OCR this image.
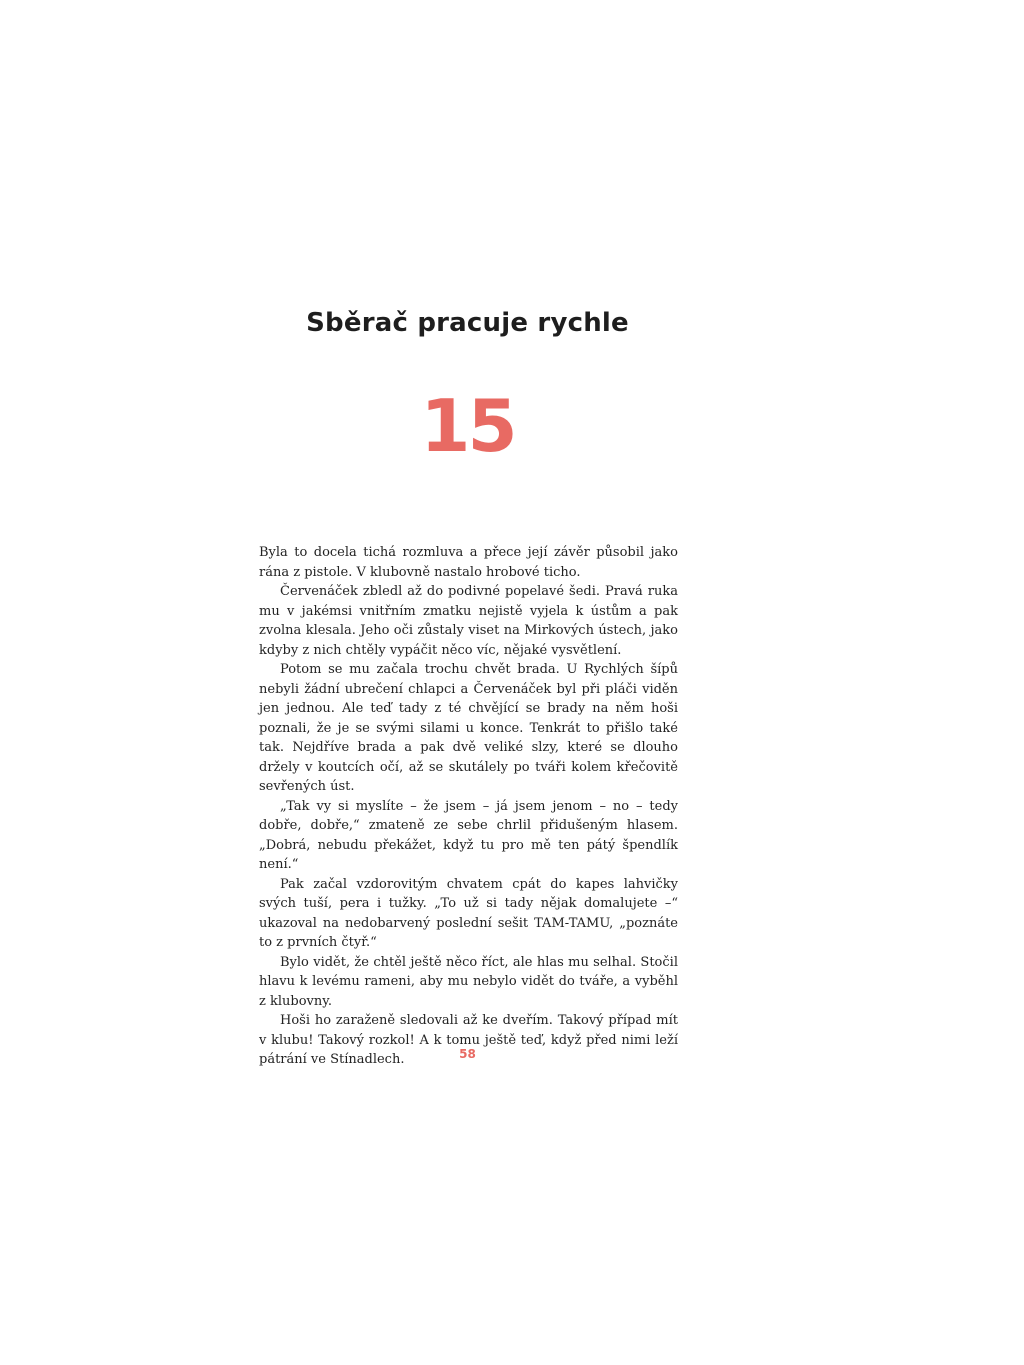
Sběrač pracuje rychle
15

Byla to docela tichá rozmluva a přece její závěr působil jako rána z pistole. V klubovně nastalo hrobové ticho.

Červenáček zbledl až do podivné popelavé šedi. Pravá ruka mu v jakémsi vnitřním zmatku nejistě vyjela k ústům a pak zvolna klesala. Jeho oči zůstaly viset na Mirkových ústech, jako kdyby z nich chtěly vypáčit něco víc, nějaké vysvětlení.

Potom se mu začala trochu chvět brada. U Rychlých šípů nebyli žádní ubrečení chlapci a Červenáček byl při pláči viděn jen jednou. Ale teď tady z té chvějící se brady na něm hoši poznali, že je se svými silami u konce. Tenkrát to přišlo také tak. Nejdříve brada a pak dvě veliké slzy, které se dlouho držely v koutcích očí, až se skutálely po tváři kolem křečovitě sevřených úst.

„Tak vy si myslíte – že jsem – já jsem jenom – no – tedy dobře, dobře,“ zmateně ze sebe chrlil přidušeným hlasem. „Dobrá, nebudu překážet, když tu pro mě ten pátý špendlík není.“

Pak začal vzdorovitým chvatem cpát do kapes lahvičky svých tuší, pera i tužky. „To už si tady nějak domalujete –“ ukazoval na nedobarvený poslední sešit TAM-TAMU, „poznáte to z prvních čtyř.“

Bylo vidět, že chtěl ještě něco říct, ale hlas mu selhal. Stočil hlavu k levému rameni, aby mu nebylo vidět do tváře, a vyběhl z klubovny.

Hoši ho zaraženě sledovali až ke dveřím. Takový případ mít v klubu! Takový rozkol! A k tomu ještě teď, když před nimi leží pátrání ve Stínadlech.	58
